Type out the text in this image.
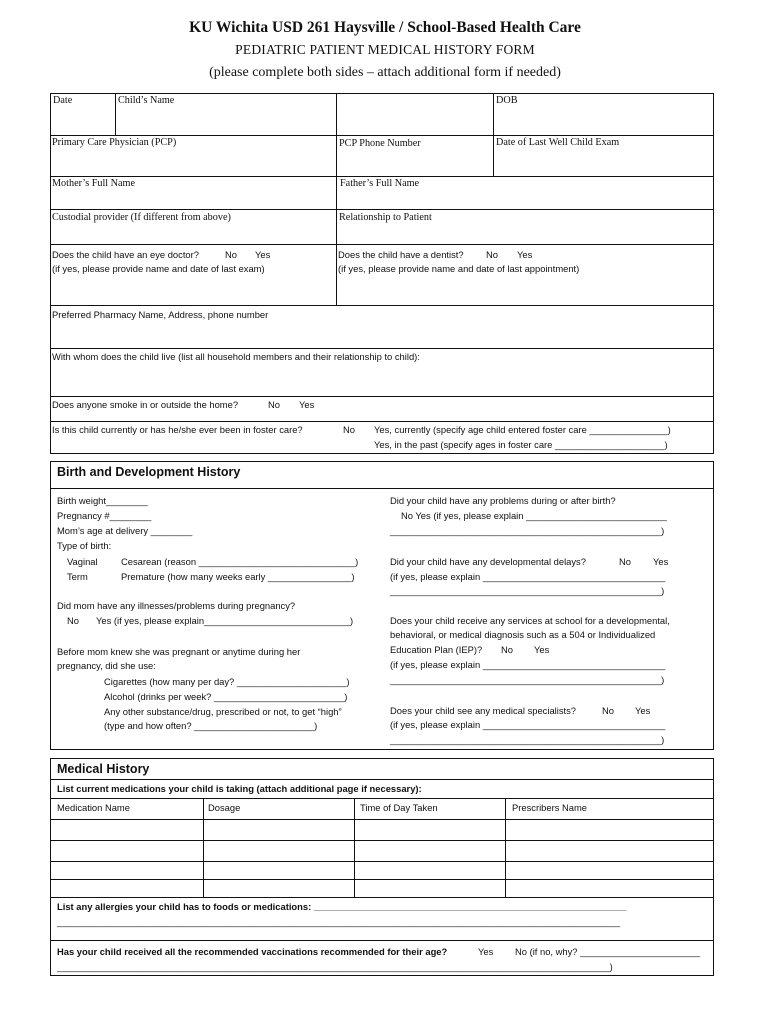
KU Wichita USD 261 Haysville / School-Based Health Care
PEDIATRIC PATIENT MEDICAL HISTORY FORM
(please complete both sides – attach additional form if needed)
Date	Child’s Name	DOB
Primary Care Physician (PCP)	PCP Phone Number	Date of Last Well Child Exam
Mother’s Full Name	Father’s Full Name
Custodial provider (If different from above)	Relationship to Patient
Does the child have an eye doctor?	No Yes
(if yes, please provide name and date of last exam)
Does the child have a dentist? No Yes
(if yes, please provide name and date of last appointment)
Preferred Pharmacy Name, Address, phone number
With whom does the child live (list all household members and their relationship to child):
Does anyone smoke in or outside the home?	No Yes
Is this child currently or has he/she ever been in foster care?	No Yes, currently (specify age child entered foster care _______________)
Yes, in the past (specify ages in foster care _____________________)
Birth and Development History
Birth weight________
Pregnancy #________
Mom’s age at delivery ________
Type of birth:
Vaginal Cesarean (reason ______________________________)
Term	Premature (how many weeks early ________________)
Did mom have any illnesses/problems during pregnancy?
No Yes (if yes, please explain____________________________)
Before mom knew she was pregnant or anytime during her
pregnancy, did she use:
Cigarettes (how many per day? _____________________)
Alcohol (drinks per week? _________________________)
Any other substance/drug, prescribed or not, to get “high”
(type and how often? _______________________)
Did your child have any problems during or after birth?
No Yes (if yes, please explain ___________________________
____________________________________________________)
Did your child have any developmental delays?	No Yes
(if yes, please explain ___________________________________
____________________________________________________)
Does your child receive any services at school for a developmental,
behavioral, or medical diagnosis such as a 504 or Individualized
Education Plan (IEP)? No Yes
(if yes, please explain ___________________________________
____________________________________________________)
Does your child see any medical specialists?	No Yes
(if yes, please explain ___________________________________
____________________________________________________)
Medical History
List current medications your child is taking (attach additional page if necessary):
Medication Name	Dosage	Time of Day Taken	Prescribers Name
List any allergies your child has to foods or medications: ____________________________________________________________
____________________________________________________________________________________________________________
Has your child received all the recommended vaccinations recommended for their age?	Yes No (if no, why? _______________________
__________________________________________________________________________________________________________)
